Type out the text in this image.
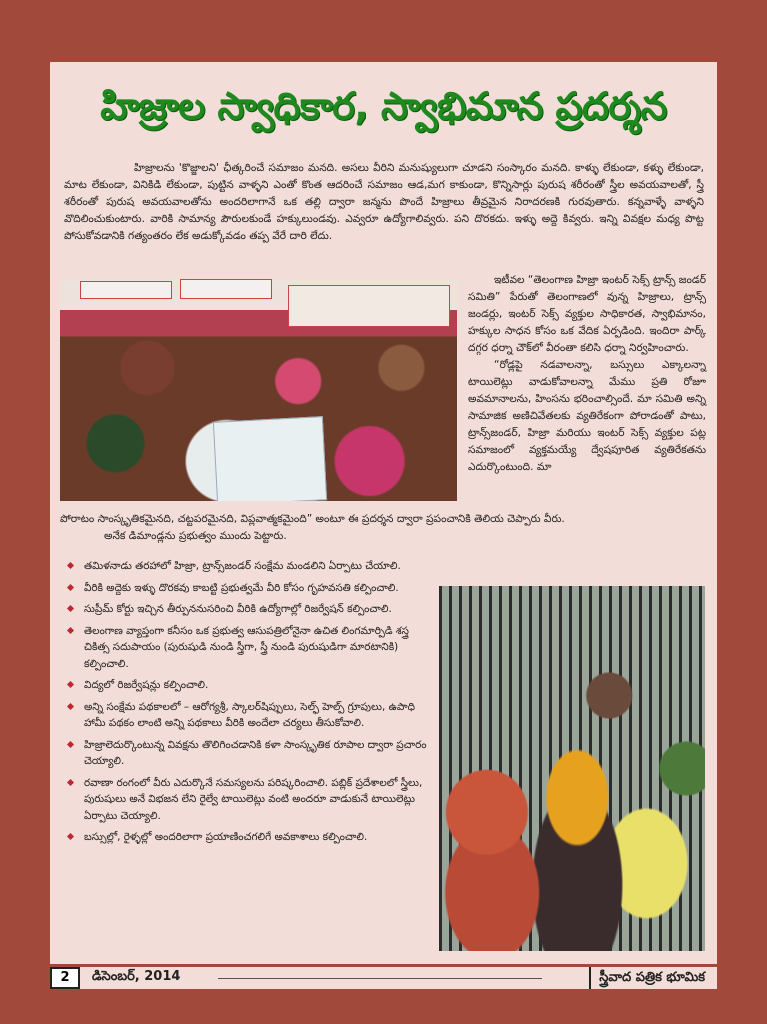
హిజ్రాల స్వాధికార, స్వాభిమాన ప్రదర్శన
హిజ్రాలను 'కొజ్జాలని' ఛీత్కరించే సమాజం మనది. అసలు వీరిని మనుష్యులుగా చూడని సంస్కారం మనది. కాళ్ళు లేకుండా, కళ్ళు లేకుండా, మాట లేకుండా, వినికిడి లేకుండా, పుట్టిన వాళ్ళని ఎంతో కొంత ఆదరించే సమాజం ఆడ,మగ కాకుండా, కొన్నిసార్లు పురుష శరీరంతో స్త్రీల అవయవాలతో, స్త్రీ శరీరంతో పురుష అవయవాలతోను అందరిలాగానే ఒక తల్లి ద్వారా జన్మను పొందే హిజ్రాలు తీవ్రమైన నిరాదరణకి గురవుతారు. కన్నవాళ్ళే వాళ్ళని వొదిలించుకుంటారు. వారికి సామాన్య పౌరులకుండే హక్కులుండవు. ఎవ్వరూ ఉద్యోగాలివ్వరు. పని దొరకదు. ఇళ్ళు అద్దె కివ్వరు. ఇన్ని వివక్షల మధ్య పొట్ట పోసుకోవడానికి గత్యంతరం లేక అడుక్కోవడం తప్ప వేరే దారి లేదు.

ఇటీవల “తెలంగాణ హిజ్రా ఇంటర్ సెక్స్ ట్రాన్స్ జండర్ సమితి” పేరుతో తెలంగాణలో వున్న హిజ్రాలు, ట్రాన్స్ జండర్లు, ఇంటర్ సెక్స్ వ్యక్తుల సాధికారత, స్వాభిమానం, హక్కుల సాధన కోసం ఒక వేదిక ఏర్పడింది. ఇందిరా పార్క్ దగ్గర ధర్నా చౌక్‌లో వీరంతా కలిసి ధర్నా నిర్వహించారు.

“రోడ్లపై నడవాలన్నా, బస్సులు ఎక్కాలన్నా టాయిలెట్లు వాడుకోవాలన్నా మేము ప్రతి రోజూ అవమానాలను, హింసను భరించాల్సిందే. మా సమితి అన్ని సామాజిక అణిచివేతలకు వ్యతిరేకంగా పోరాడంతో పాటు, ట్రాన్స్‌జండర్, హిజ్రా మరియు ఇంటర్ సెక్స్ వ్యక్తుల పట్ల సమాజంలో వ్యక్తమయ్యే ద్వేషపూరిత వ్యతిరేకతను ఎదుర్కొంటుంది. మా

పోరాటం సాంస్కృతికమైనది, చట్టపరమైనది, విప్లవాత్మకమైంది” అంటూ ఈ ప్రదర్శన ద్వారా ప్రపంచానికి తెలియ చెప్పారు వీరు.

అనేక డిమాండ్లను ప్రభుత్వం ముందు పెట్టారు.

తమిళనాడు తరహాలో హిజ్రా, ట్రాన్స్‌జండర్ సంక్షేమ మండలిని ఏర్పాటు చేయాలి.
వీరికి అద్దెకు ఇళ్ళు దొరకవు కాబట్టి ప్రభుత్వమే వీరి కోసం గృహవసతి కల్పించాలి.
సుప్రీమ్ కోర్టు ఇచ్చిన తీర్పుననుసరించి వీరికి ఉద్యోగాల్లో రిజర్వేషన్ కల్పించాలి.
తెలంగాణ వ్యాప్తంగా కనీసం ఒక ప్రభుత్వ ఆసుపత్రిలోనైనా ఉచిత లింగమార్పిడి శస్త్ర చికిత్స సదుపాయం (పురుషుడి నుండి స్త్రీగా, స్త్రీ నుండి పురుషుడిగా మారటానికి) కల్పించాలి.
విద్యలో రిజర్వేషన్లు కల్పించాలి.
అన్ని సంక్షేమ పథకాలలో – ఆరోగ్యశ్రీ, స్కాలర్‌షిప్పులు, సెల్ఫ్ హెల్ప్ గ్రూపులు, ఉపాధి హామీ పథకం లాంటి అన్ని పథకాలు వీరికి అందేలా చర్యలు తీసుకోవాలి.
హిజ్రాలెదుర్కొంటున్న వివక్షను తొలిగించడానికి కళా సాంస్కృతిక రూపాల ద్వారా ప్రచారం చెయ్యాలి.
రవాణా రంగంలో వీరు ఎదుర్కొనే సమస్యలను పరిష్కరించాలి. పబ్లిక్ ప్రదేశాలలో స్త్రీలు, పురుషులు అనే విభజన లేని రైల్వే టాయిలెట్లు వంటి అందరూ వాడుకునే టాయిలెట్లు ఏర్పాటు చెయ్యాలి.
బస్సుల్లో, రైళ్ళల్లో అందరిలాగా ప్రయాణించగలిగే అవకాశాలు కల్పించాలి.
2	డిసెంబర్, 2014	స్త్రీవాద పత్రిక భూమిక
